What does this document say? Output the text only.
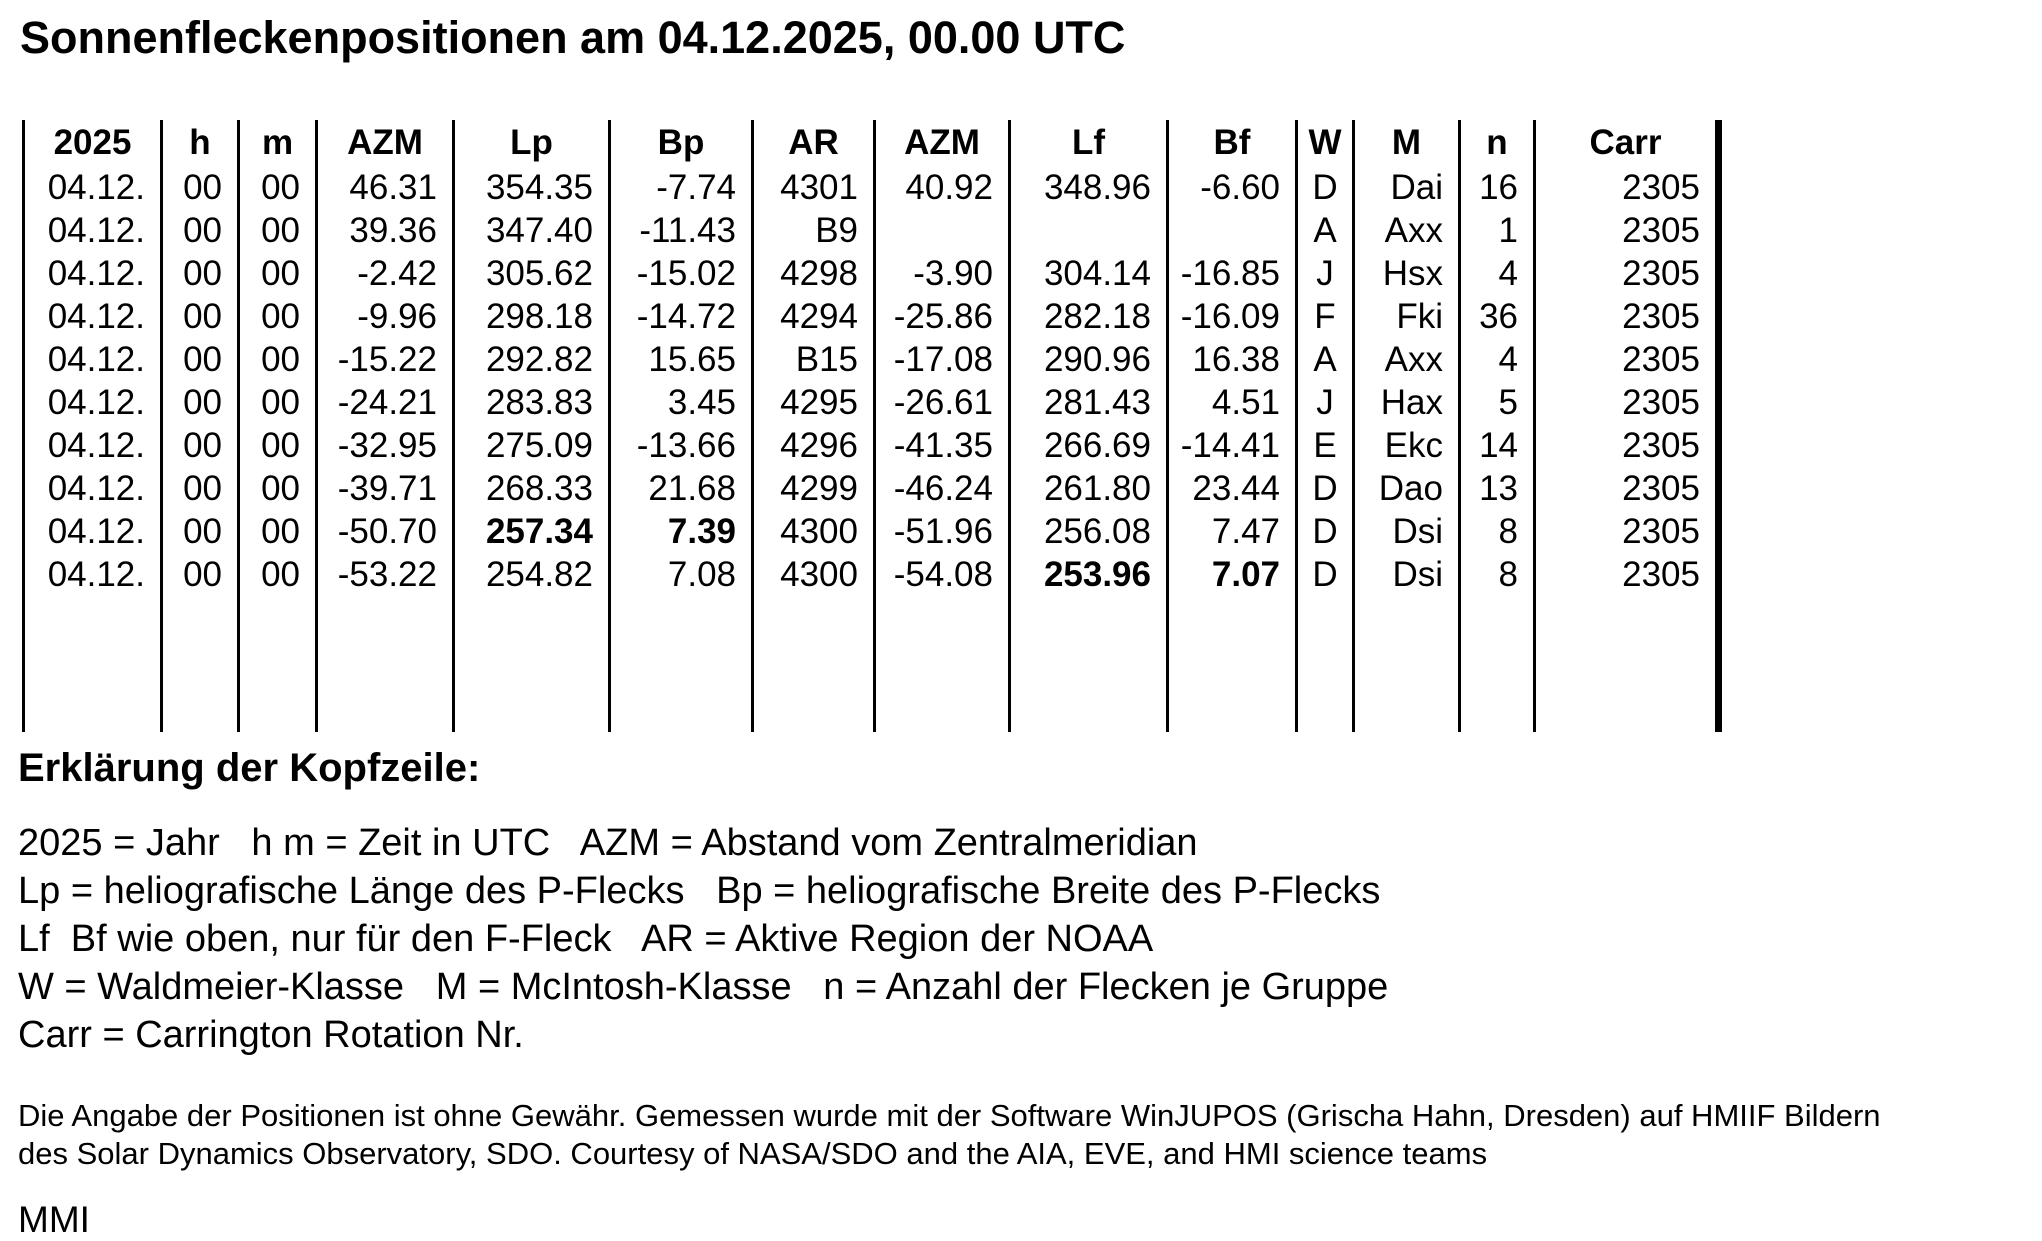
Sonnenfleckenpositionen am 04.12.2025, 00.00 UTC
2025	h	m	AZM	Lp	Bp	AR	AZM	Lf	Bf	W	M	n	Carr
04.12.	00	00	46.31	354.35	-7.74	4301	40.92	348.96	-6.60	D	Dai	16	2305
04.12.	00	00	39.36	347.40	-11.43	B9				A	Axx	1	2305
04.12.	00	00	-2.42	305.62	-15.02	4298	-3.90	304.14	-16.85	J	Hsx	4	2305
04.12.	00	00	-9.96	298.18	-14.72	4294	-25.86	282.18	-16.09	F	Fki	36	2305
04.12.	00	00	-15.22	292.82	15.65	B15	-17.08	290.96	16.38	A	Axx	4	2305
04.12.	00	00	-24.21	283.83	3.45	4295	-26.61	281.43	4.51	J	Hax	5	2305
04.12.	00	00	-32.95	275.09	-13.66	4296	-41.35	266.69	-14.41	E	Ekc	14	2305
04.12.	00	00	-39.71	268.33	21.68	4299	-46.24	261.80	23.44	D	Dao	13	2305
04.12.	00	00	-50.70	257.34	7.39	4300	-51.96	256.08	7.47	D	Dsi	8	2305
04.12.	00	00	-53.22	254.82	7.08	4300	-54.08	253.96	7.07	D	Dsi	8	2305

Erklärung der Kopfzeile:
2025 = Jahr   h m = Zeit in UTC   AZM = Abstand vom Zentralmeridian
Lp = heliografische Länge des P-Flecks   Bp = heliografische Breite des P-Flecks
Lf  Bf wie oben, nur für den F-Fleck   AR = Aktive Region der NOAA
W = Waldmeier-Klasse   M = McIntosh-Klasse   n = Anzahl der Flecken je Gruppe
Carr = Carrington Rotation Nr.
Die Angabe der Positionen ist ohne Gewähr. Gemessen wurde mit der Software WinJUPOS (Grischa Hahn, Dresden) auf HMIIF Bildern
des Solar Dynamics Observatory, SDO. Courtesy of NASA/SDO and the AIA, EVE, and HMI science teams
MMI
